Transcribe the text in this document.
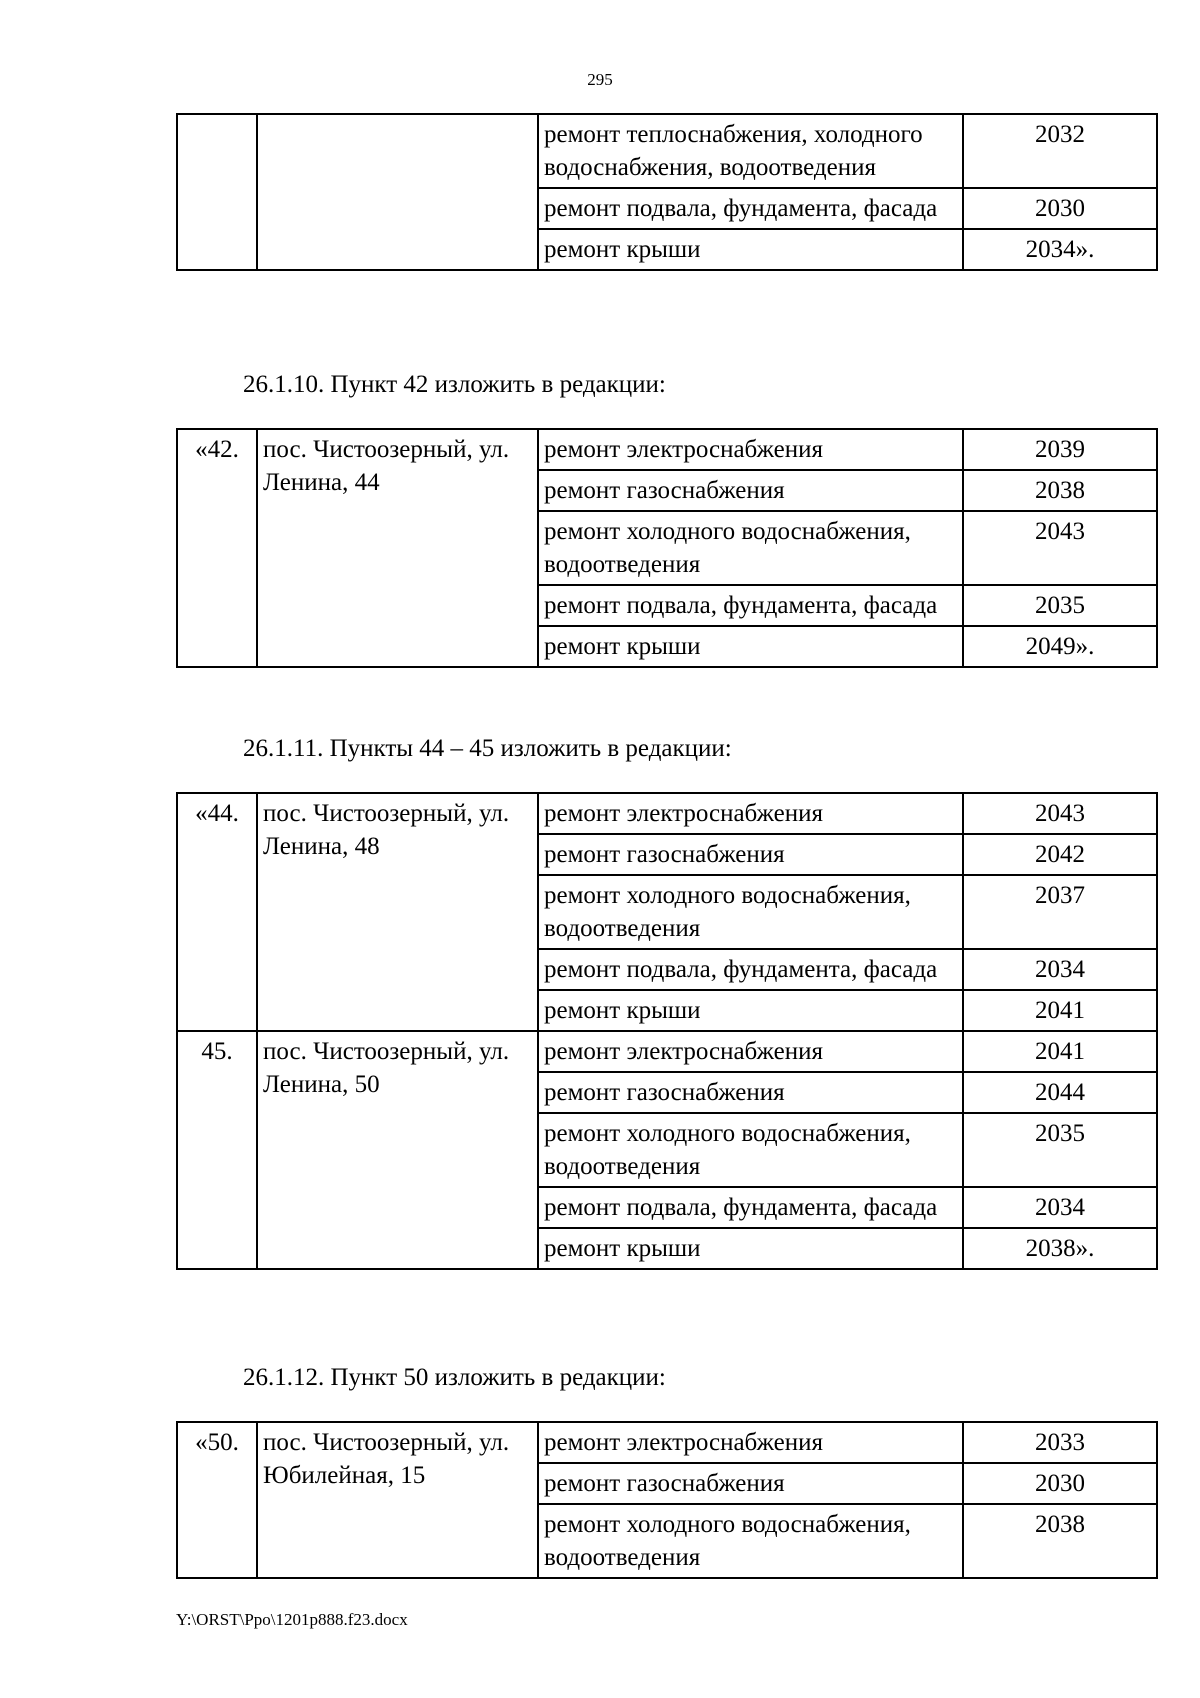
295
		ремонт теплоснабжения, холодного водоснабжения, водоотведения	2032
		ремонт подвала, фундамента, фасада	2030
		ремонт крыши	2034».
26.1.10. Пункт 42 изложить в редакции:
«42.	пос. Чистоозерный, ул. Ленина, 44	ремонт электроснабжения	2039
		ремонт газоснабжения	2038
		ремонт холодного водоснабжения, водоотведения	2043
		ремонт подвала, фундамента, фасада	2035
		ремонт крыши	2049».
26.1.11. Пункты 44 – 45 изложить в редакции:
«44.	пос. Чистоозерный, ул. Ленина, 48	ремонт электроснабжения	2043
		ремонт газоснабжения	2042
		ремонт холодного водоснабжения, водоотведения	2037
		ремонт подвала, фундамента, фасада	2034
		ремонт крыши	2041
45.	пос. Чистоозерный, ул. Ленина, 50	ремонт электроснабжения	2041
		ремонт газоснабжения	2044
		ремонт холодного водоснабжения, водоотведения	2035
		ремонт подвала, фундамента, фасада	2034
		ремонт крыши	2038».
26.1.12. Пункт 50 изложить в редакции:
«50.	пос. Чистоозерный, ул. Юбилейная, 15	ремонт электроснабжения	2033
		ремонт газоснабжения	2030
		ремонт холодного водоснабжения, водоотведения	2038
Y:\ORST\Ppo\1201p888.f23.docx
